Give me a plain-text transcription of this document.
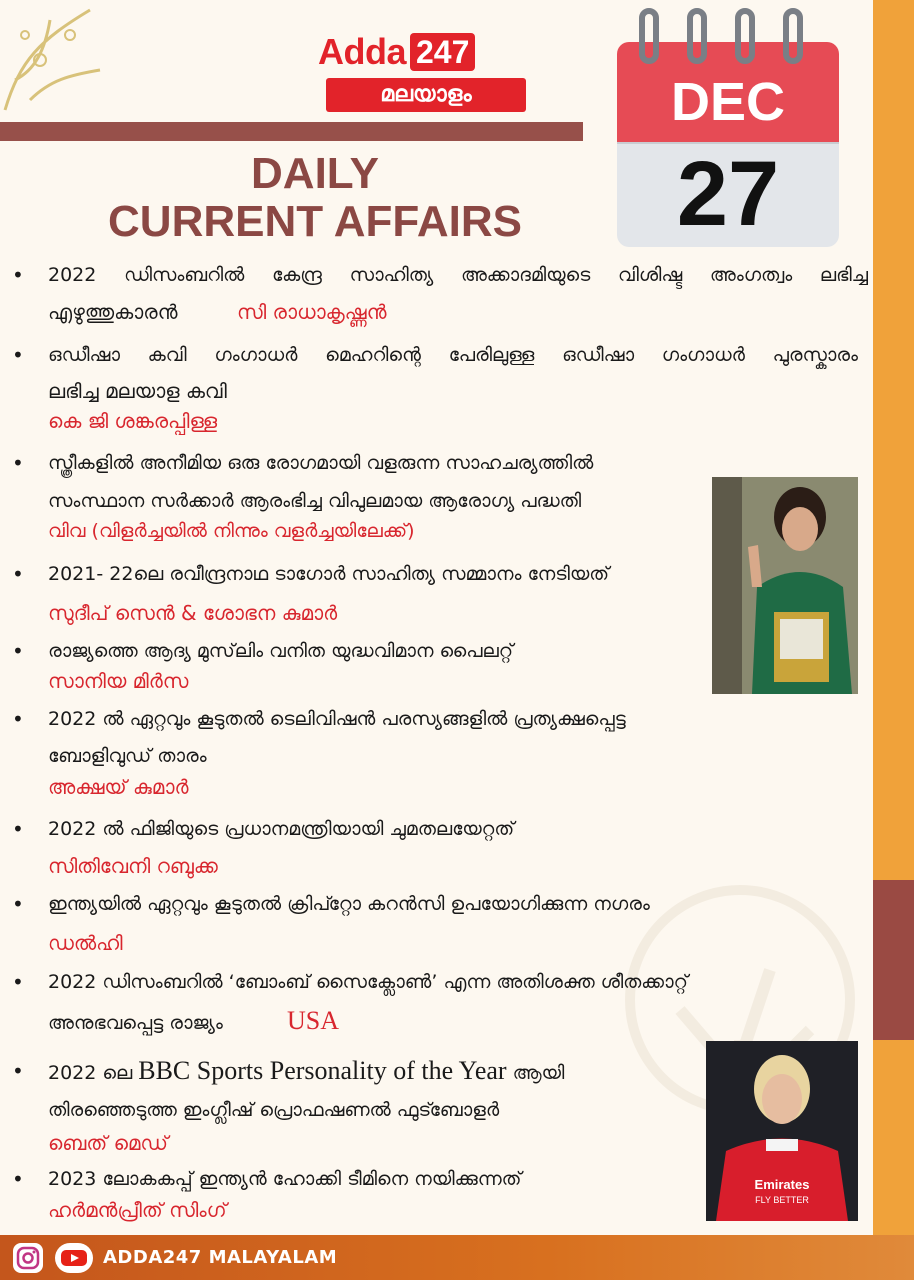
Adda 247
മലയാളം
DAILY
CURRENT AFFAIRS
DEC
27
• 2022 ഡിസംബറിൽ കേന്ദ്ര സാഹിത്യ അക്കാദമിയുടെ വിശിഷ്ട അംഗത്വം ലഭിച്ച
എഴുത്തുകാരൻ	സി രാധാകൃഷ്ണൻ
• ഒഡീഷാ കവി ഗംഗാധർ മെഹറിന്റെ പേരിലുള്ള ഒഡീഷാ ഗംഗാധർ പുരസ്കാരം
ലഭിച്ച മലയാള കവി
കെ ജി ശങ്കരപ്പിള്ള
• സ്ത്രീകളിൽ അനീമിയ ഒരു രോഗമായി വളരുന്ന സാഹചര്യത്തിൽ
സംസ്ഥാന സർക്കാർ ആരംഭിച്ച വിപുലമായ ആരോഗ്യ പദ്ധതി
വിവ (വിളർച്ചയിൽ നിന്നും വളർച്ചയിലേക്ക്)
• 2021- 22ലെ രവീന്ദ്രനാഥ ടാഗോർ സാഹിത്യ സമ്മാനം നേടിയത്
സുദീപ് സെൻ & ശോഭന കുമാർ
• രാജ്യത്തെ ആദ്യ മുസ്‌ലിം വനിത യുദ്ധവിമാന പൈലറ്റ്
സാനിയ മിർസ
• 2022 ൽ ഏറ്റവും കൂടുതൽ ടെലിവിഷൻ പരസ്യങ്ങളിൽ പ്രത്യക്ഷപ്പെട്ട
ബോളിവുഡ് താരം
അക്ഷയ് കുമാർ
• 2022 ൽ ഫിജിയുടെ പ്രധാനമന്ത്രിയായി ചുമതലയേറ്റത്
സിതിവേനി റബുക്ക
• ഇന്ത്യയിൽ ഏറ്റവും കൂടുതൽ ക്രിപ്റ്റോ കറൻസി ഉപയോഗിക്കുന്ന നഗരം
ഡൽഹി
• 2022 ഡിസംബറിൽ ‘ബോംബ് സൈക്ലോൺ’ എന്ന അതിശക്ത ശീതക്കാറ്റ്
അനുഭവപ്പെട്ട രാജ്യം USA
• 2022 ലെ BBC Sports Personality of the Year ആയി
തിരഞ്ഞെടുത്ത ഇംഗ്ലീഷ് പ്രൊഫഷണൽ ഫുട്ബോളർ
ബെത് മെഡ്
• 2023 ലോകകപ്പ് ഇന്ത്യൻ ഹോക്കി ടീമിനെ നയിക്കുന്നത്
ഹർമൻപ്രീത് സിംഗ്
Emirates
FLY BETTER
ADDA247 MALAYALAM
